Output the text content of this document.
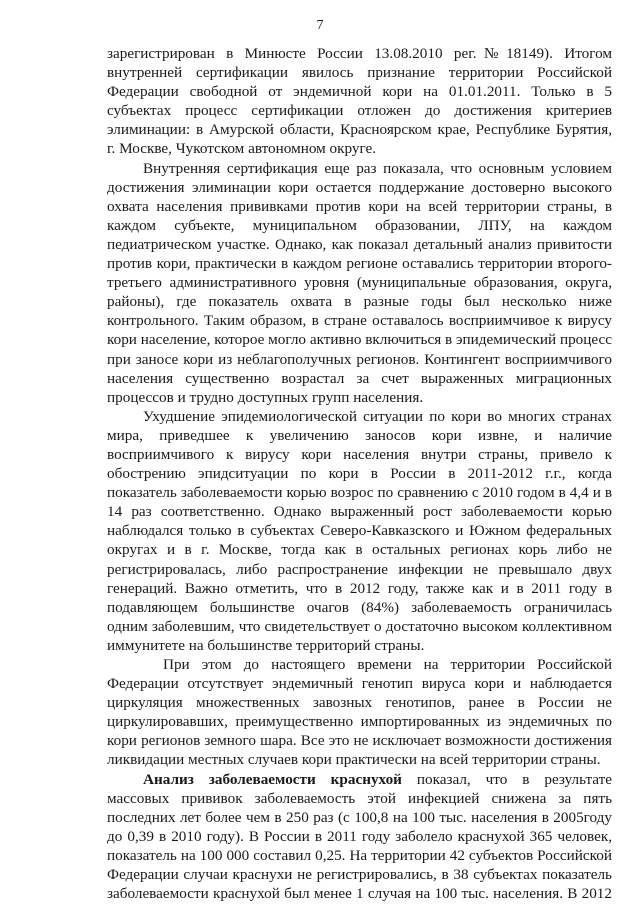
7
зарегистрирован в Минюсте России 13.08.2010 рег.№18149). Итогом
внутренней сертификации явилось признание территории Российской
Федерации свободной от эндемичной кори на 01.01.2011. Только в 5
субъектах процесс сертификации отложен до достижения критериев
элиминации: в Амурской области, Красноярском крае, Республике Бурятия,
г. Москве, Чукотском автономном округе.
Внутренняя сертификация еще раз показала, что основным условием
достижения элиминации кори остается поддержание достоверно высокого
охвата населения прививками против кори на всей территории страны, в
каждом субъекте, муниципальном образовании, ЛПУ, на каждом
педиатрическом участке. Однако, как показал детальный анализ привитости
против кори, практически в каждом регионе оставались территории второго-
третьего административного уровня (муниципальные образования, округа,
районы), где показатель охвата в разные годы был несколько ниже
контрольного. Таким образом, в стране оставалось восприимчивое к вирусу
кори население, которое могло активно включиться в эпидемический процесс
при заносе кори из неблагополучных регионов. Контингент восприимчивого
населения существенно возрастал за счет выраженных миграционных
процессов и трудно доступных групп населения.
Ухудшение эпидемиологической ситуации по кори во многих странах
мира, приведшее к увеличению заносов кори извне, и наличие
восприимчивого к вирусу кори населения внутри страны, привело к
обострению эпидситуации по кори в России в 2011-2012 г.г., когда
показатель заболеваемости корью возрос по сравнению с 2010 годом в 4,4 и в
14 раз соответственно. Однако выраженный рост заболеваемости корью
наблюдался только в субъектах Северо-Кавказского и Южном федеральных
округах и в г. Москве, тогда как в остальных регионах корь либо не
регистрировалась, либо распространение инфекции не превышало двух
генераций. Важно отметить, что в 2012 году, также как и в 2011 году в
подавляющем большинстве очагов (84%) заболеваемость ограничилась
одним заболевшим, что свидетельствует о достаточно высоком коллективном
иммунитете на большинстве территорий страны.
При этом до настоящего времени на территории Российской
Федерации отсутствует эндемичный генотип вируса кори и наблюдается
циркуляция множественных завозных генотипов, ранее в России не
циркулировавших, преимущественно импортированных из эндемичных по
кори регионов земного шара. Все это не исключает возможности достижения
ликвидации местных случаев кори практически на всей территории страны.
Анализ заболеваемости краснухой показал, что в результате
массовых прививок заболеваемость этой инфекцией снижена за пять
последних лет более чем в 250 раз (с 100,8 на 100 тыс. населения в 2005году
до 0,39 в 2010 году). В России в 2011 году заболело краснухой 365 человек,
показатель на 100 000 составил 0,25. На территории 42 субъектов Российской
Федерации случаи краснухи не регистрировались, в 38 субъектах показатель
заболеваемости краснухой был менее 1 случая на 100 тыс. населения. В 2012
